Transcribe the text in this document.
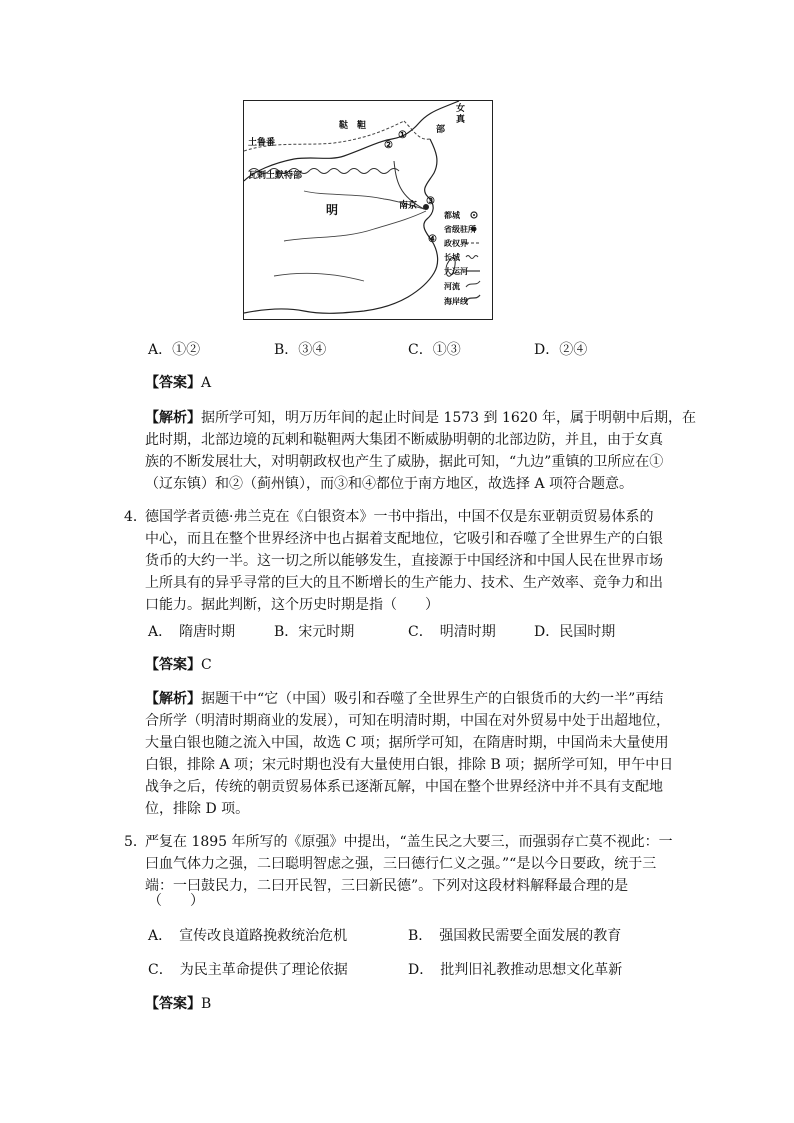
鞑　靼
女
真
部
土鲁番
瓦剌土默特部
明	南京
①
②
③
④
都城
省级驻所
政权界
长城
大运河
河流
海岸线
A．①②	B．③④	C．①③	D．②④
【答案】A
【解析】据所学可知，明万历年间的起止时间是 1573 到 1620 年，属于明朝中后期，在
此时期，北部边境的瓦剌和鞑靼两大集团不断威胁明朝的北部边防，并且，由于女真
族的不断发展壮大，对明朝政权也产生了威胁，据此可知，“九边”重镇的卫所应在①
（辽东镇）和②（蓟州镇），而③和④都位于南方地区，故选择 A 项符合题意。
4．
德国学者贡德·弗兰克在《白银资本》一书中指出，中国不仅是东亚朝贡贸易体系的
中心，而且在整个世界经济中也占据着支配地位，它吸引和吞噬了全世界生产的白银
货币的大约一半。这一切之所以能够发生，直接源于中国经济和中国人民在世界市场
上所具有的异乎寻常的巨大的且不断增长的生产能力、技术、生产效率、竞争力和出
口能力。据此判断，这个历史时期是指（　　）
A．　隋唐时期	B．宋元时期	C．　明清时期	D．民国时期
【答案】C
【解析】据题干中“它（中国）吸引和吞噬了全世界生产的白银货币的大约一半”再结
合所学（明清时期商业的发展），可知在明清时期，中国在对外贸易中处于出超地位，
大量白银也随之流入中国，故选 C 项；据所学可知，在隋唐时期，中国尚未大量使用
白银，排除 A 项；宋元时期也没有大量使用白银，排除 B 项；据所学可知，甲午中日
战争之后，传统的朝贡贸易体系已逐渐瓦解，中国在整个世界经济中并不具有支配地
位，排除 D 项。
5．
严复在 1895 年所写的《原强》中提出，“盖生民之大要三，而强弱存亡莫不视此：一
曰血气体力之强，二曰聪明智虑之强，三曰德行仁义之强。”“是以今日要政，统于三
端：一曰鼓民力，二曰开民智，三曰新民德”。下列对这段材料解释最合理的是
（　　）
A．　宣传改良道路挽救统治危机	B．　强国救民需要全面发展的教育
C．　为民主革命提供了理论依据	D．　批判旧礼教推动思想文化革新
【答案】B
